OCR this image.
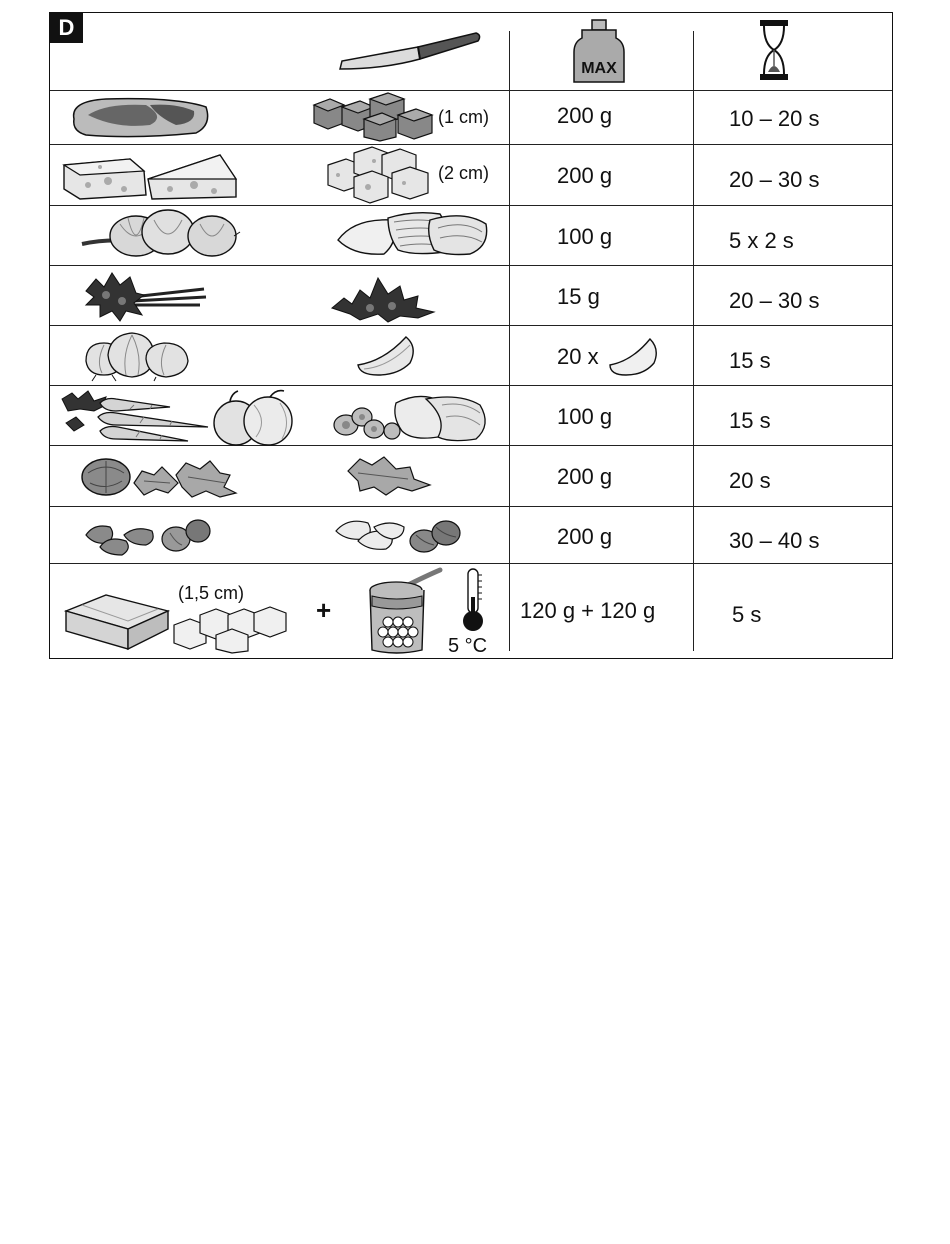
D
MAX
(1 cm)	200 g	10 – 20 s
(2 cm)	200 g	20 – 30 s
100 g	5 x 2 s
15 g	20 – 30 s
20 x	15 s
100 g	15 s
200 g	20 s
200 g	30 – 40 s
(1,5 cm)
+
5 °C
120 g + 120 g	5 s
